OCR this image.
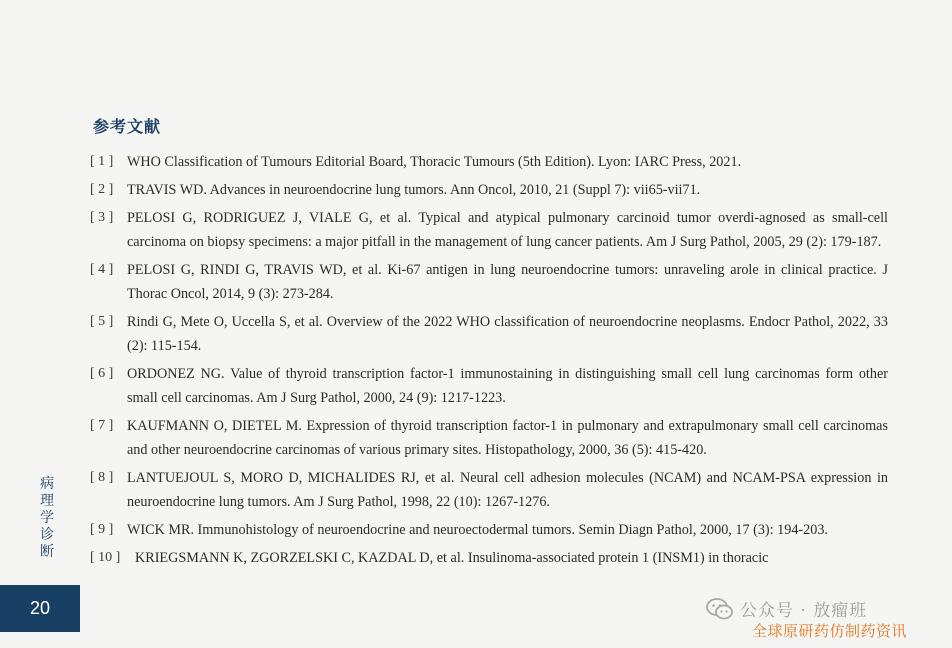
参考文献
[ 1 ] WHO Classification of Tumours Editorial Board, Thoracic Tumours (5th Edition). Lyon: IARC Press, 2021.
[ 2 ] TRAVIS WD. Advances in neuroendocrine lung tumors. Ann Oncol, 2010, 21 (Suppl 7): vii65-vii71.
[ 3 ] PELOSI G, RODRIGUEZ J, VIALE G, et al. Typical and atypical pulmonary carcinoid tumor overdi-agnosed as small-cell carcinoma on biopsy specimens: a major pitfall in the management of lung cancer patients. Am J Surg Pathol, 2005, 29 (2): 179-187.
[ 4 ] PELOSI G, RINDI G, TRAVIS WD, et al. Ki-67 antigen in lung neuroendocrine tumors: unraveling arole in clinical practice. J Thorac Oncol, 2014, 9 (3): 273-284.
[ 5 ] Rindi G, Mete O, Uccella S, et al. Overview of the 2022 WHO classification of neuroendocrine neoplasms. Endocr Pathol, 2022, 33 (2): 115-154.
[ 6 ] ORDONEZ NG. Value of thyroid transcription factor-1 immunostaining in distinguishing small cell lung carcinomas form other small cell carcinomas. Am J Surg Pathol, 2000, 24 (9): 1217-1223.
[ 7 ] KAUFMANN O, DIETEL M. Expression of thyroid transcription factor-1 in pulmonary and extrapulmonary small cell carcinomas and other neuroendocrine carcinomas of various primary sites. Histopathology, 2000, 36 (5): 415-420.
[ 8 ] LANTUEJOUL S, MORO D, MICHALIDES RJ, et al. Neural cell adhesion molecules (NCAM) and NCAM-PSA expression in neuroendocrine lung tumors. Am J Surg Pathol, 1998, 22 (10): 1267-1276.
[ 9 ] WICK MR. Immunohistology of neuroendocrine and neuroectodermal tumors. Semin Diagn Pathol, 2000, 17 (3): 194-203.
[ 10 ] KRIEGSMANN K, ZGORZELSKI C, KAZDAL D, et al. Insulinoma-associated protein 1 (INSM1) in thoracic
病理学诊断
20	公众号 · 放瘤班
全球原研药仿制药资讯
